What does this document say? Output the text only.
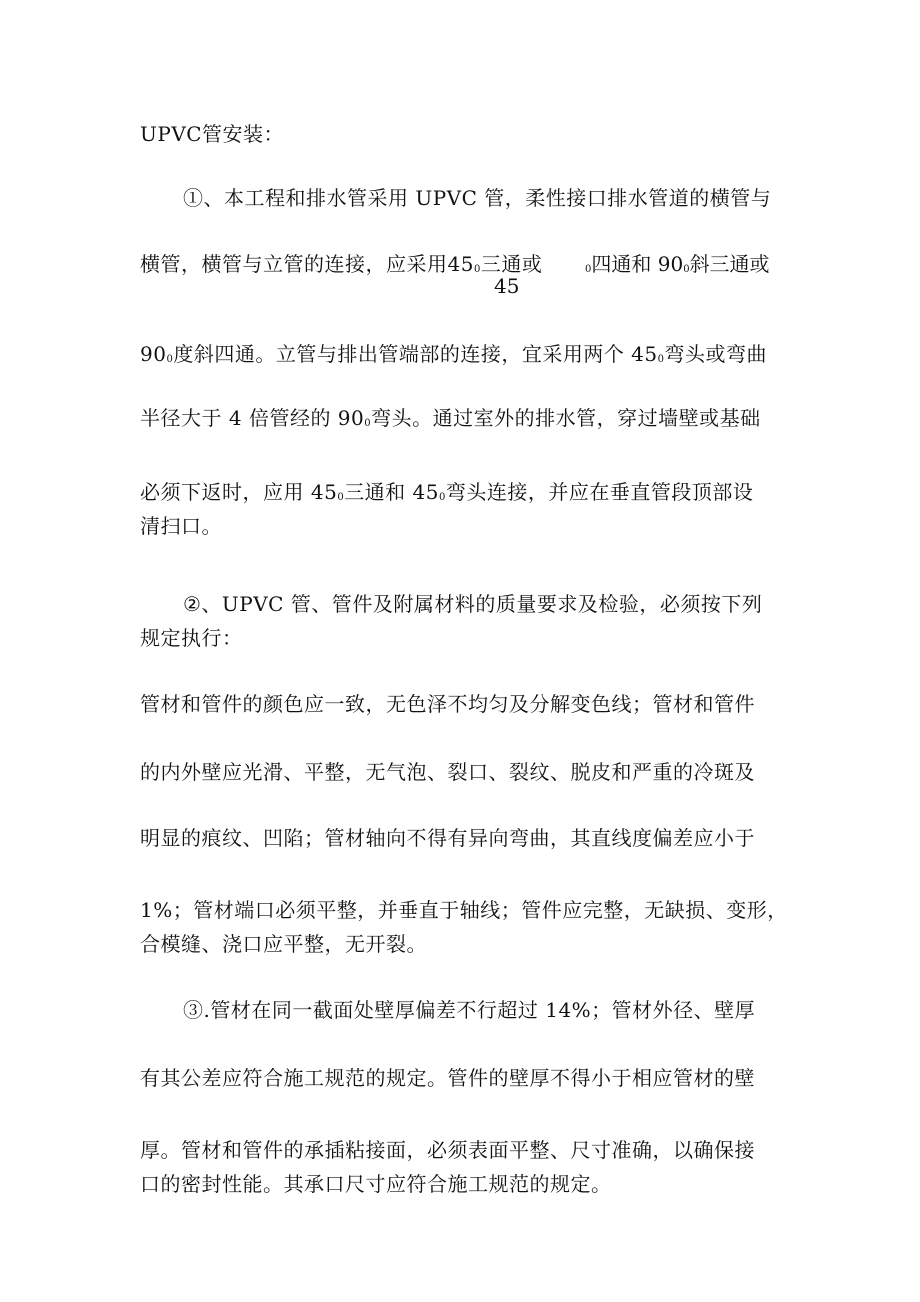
UPVC管安装：
①、本工程和排水管采用 UPVC 管，柔性接口排水管道的横管与
横管，横管与立管的连接，应采用450三通或	0四通和 900斜三通或
45
900度斜四通。立管与排出管端部的连接，宜采用两个 450弯头或弯曲
半径大于 4 倍管经的 900弯头。通过室外的排水管，穿过墙壁或基础
必须下返时，应用 450三通和 450弯头连接，并应在垂直管段顶部设
清扫口。
②、UPVC 管、管件及附属材料的质量要求及检验，必须按下列
规定执行：
管材和管件的颜色应一致，无色泽不均匀及分解变色线；管材和管件
的内外壁应光滑、平整，无气泡、裂口、裂纹、脱皮和严重的冷斑及
明显的痕纹、凹陷；管材轴向不得有异向弯曲，其直线度偏差应小于
1%；管材端口必须平整，并垂直于轴线；管件应完整，无缺损、变形，
合模缝、浇口应平整，无开裂。
③.管材在同一截面处壁厚偏差不行超过 14%；管材外径、壁厚
有其公差应符合施工规范的规定。管件的壁厚不得小于相应管材的壁
厚。管材和管件的承插粘接面，必须表面平整、尺寸准确，以确保接
口的密封性能。其承口尺寸应符合施工规范的规定。
